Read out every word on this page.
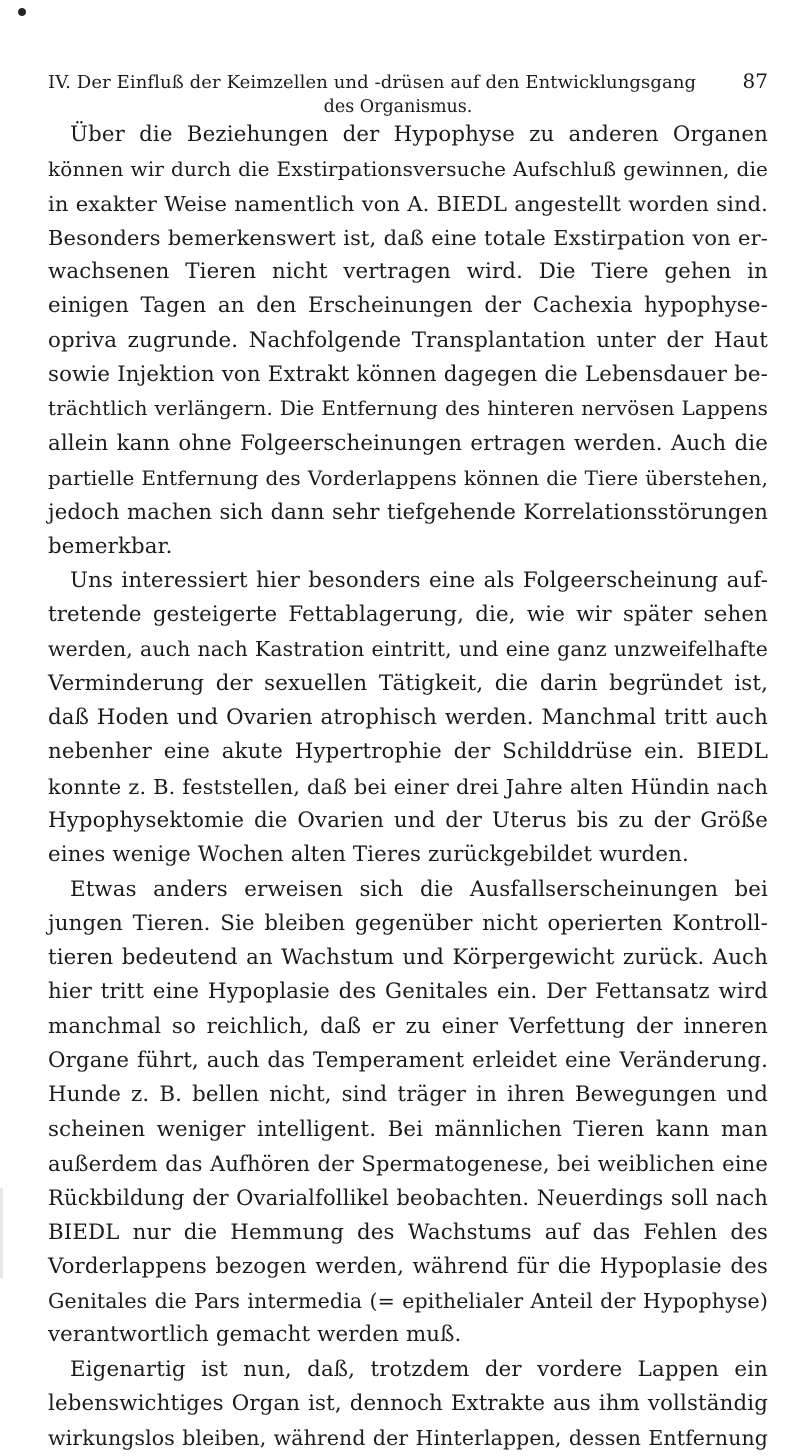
IV. Der Einfluß der Keimzellen und -drüsen auf den Entwicklungsgang 87
des Organismus.
Über die Beziehungen der Hypophyse zu anderen Organen
können wir durch die Exstirpationsversuche Aufschluß gewinnen, die
in exakter Weise namentlich von A. BIEDL angestellt worden sind.
Besonders bemerkenswert ist, daß eine totale Exstirpation von er-
wachsenen Tieren nicht vertragen wird. Die Tiere gehen in
einigen Tagen an den Erscheinungen der Cachexia hypophyse-
opriva zugrunde. Nachfolgende Transplantation unter der Haut
sowie Injektion von Extrakt können dagegen die Lebensdauer be-
trächtlich verlängern. Die Entfernung des hinteren nervösen Lappens
allein kann ohne Folgeerscheinungen ertragen werden. Auch die
partielle Entfernung des Vorderlappens können die Tiere überstehen,
jedoch machen sich dann sehr tiefgehende Korrelationsstörungen
bemerkbar.
Uns interessiert hier besonders eine als Folgeerscheinung auf-
tretende gesteigerte Fettablagerung, die, wie wir später sehen
werden, auch nach Kastration eintritt, und eine ganz unzweifelhafte
Verminderung der sexuellen Tätigkeit, die darin begründet ist,
daß Hoden und Ovarien atrophisch werden. Manchmal tritt auch
nebenher eine akute Hypertrophie der Schilddrüse ein. BIEDL
konnte z. B. feststellen, daß bei einer drei Jahre alten Hündin nach
Hypophysektomie die Ovarien und der Uterus bis zu der Größe
eines wenige Wochen alten Tieres zurückgebildet wurden.
Etwas anders erweisen sich die Ausfallserscheinungen bei
jungen Tieren. Sie bleiben gegenüber nicht operierten Kontroll-
tieren bedeutend an Wachstum und Körpergewicht zurück. Auch
hier tritt eine Hypoplasie des Genitales ein. Der Fettansatz wird
manchmal so reichlich, daß er zu einer Verfettung der inneren
Organe führt, auch das Temperament erleidet eine Veränderung.
Hunde z. B. bellen nicht, sind träger in ihren Bewegungen und
scheinen weniger intelligent. Bei männlichen Tieren kann man
außerdem das Aufhören der Spermatogenese, bei weiblichen eine
Rückbildung der Ovarialfollikel beobachten. Neuerdings soll nach
BIEDL nur die Hemmung des Wachstums auf das Fehlen des
Vorderlappens bezogen werden, während für die Hypoplasie des
Genitales die Pars intermedia (= epithelialer Anteil der Hypophyse)
verantwortlich gemacht werden muß.
Eigenartig ist nun, daß, trotzdem der vordere Lappen ein
lebenswichtiges Organ ist, dennoch Extrakte aus ihm vollständig
wirkungslos bleiben, während der Hinterlappen, dessen Entfernung
